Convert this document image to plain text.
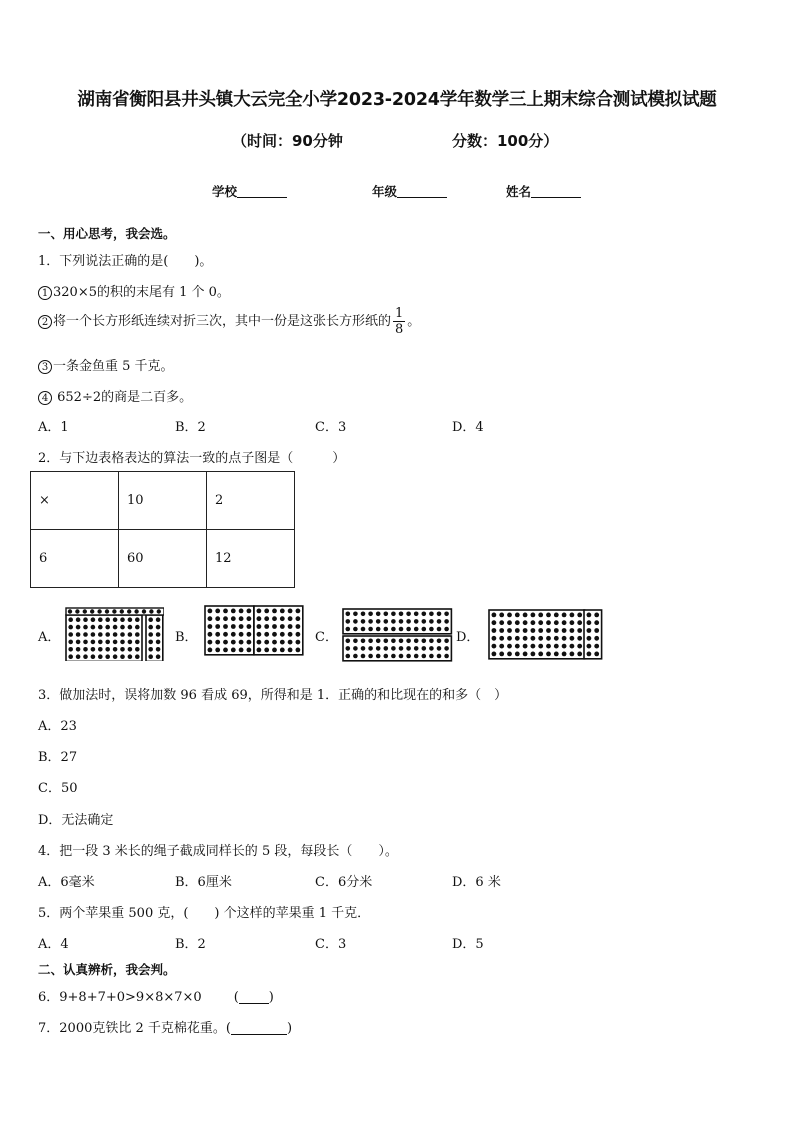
湖南省衡阳县井头镇大云完全小学2023-2024学年数学三上期末综合测试模拟试题
（时间：90分钟	分数：100分）
学校	年级	姓名
一、用心思考，我会选。
1．下列说法正确的是(　　)。
1 320×5的积的末尾有 1 个 0。
2 将一个长方形纸连续对折三次，其中一份是这张长方形纸的 $\frac{1}{8}$ 。
3 一条金鱼重 5 千克。
4 652÷2的商是二百多。
A．1	B．2	C．3	D．4
2．与下边表格表达的算法一致的点子图是（　　　）
×	10	2
6	60	12
A．	B．	C．	D．
3．做加法时，误将加数 96 看成 69，所得和是 1．正确的和比现在的和多（　）
A．23
B．27
C．50
D．无法确定
4．把一段 3 米长的绳子截成同样长的 5 段，每段长（　　）。
A．6毫米	B．6厘米	C．6分米	D．6 米
5．两个苹果重 500 克，(　　) 个这样的苹果重 1 千克．
A．4	B．2	C．3	D．5
二、认真辨析，我会判。
6．9+8+7+0>9×8×7×0 ( )
7．2000克铁比 2 千克棉花重。(	)
